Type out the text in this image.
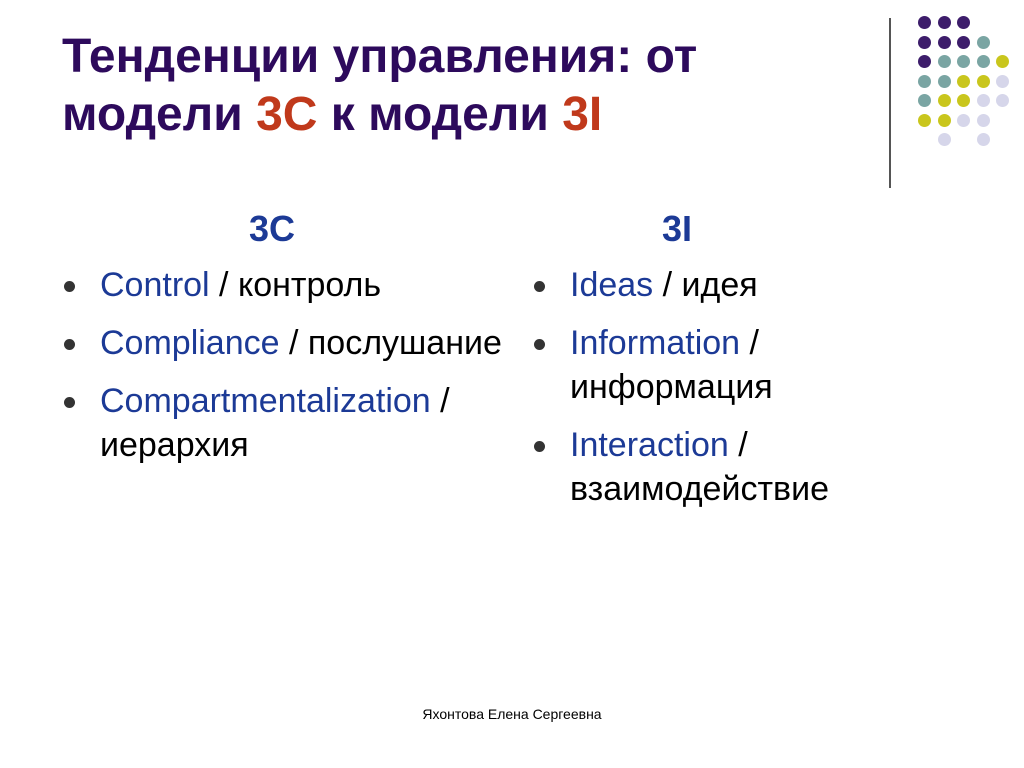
Тенденции управления: от модели 3С к модели 3I
3С
Control / контроль
Compliance / послушание
Compartmentalization / иерархия
3I
Ideas / идея
Information / информация
Interaction / взаимодействие
Яхонтова Елена Сергеевна
